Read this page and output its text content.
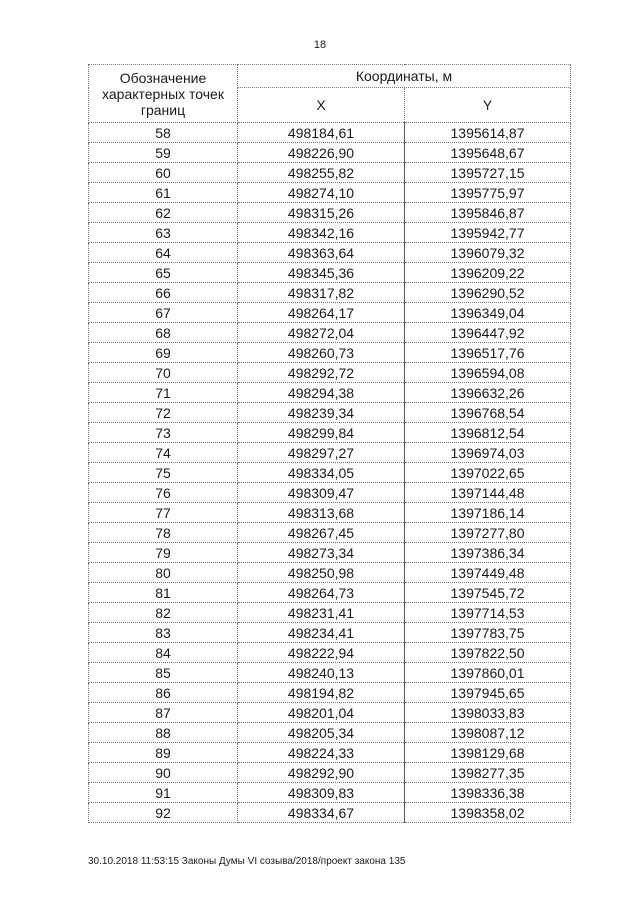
18
Обозначение характерных точек границ	Координаты, м	
	X	Y
58	498184,61	1395614,87
59	498226,90	1395648,67
60	498255,82	1395727,15
61	498274,10	1395775,97
62	498315,26	1395846,87
63	498342,16	1395942,77
64	498363,64	1396079,32
65	498345,36	1396209,22
66	498317,82	1396290,52
67	498264,17	1396349,04
68	498272,04	1396447,92
69	498260,73	1396517,76
70	498292,72	1396594,08
71	498294,38	1396632,26
72	498239,34	1396768,54
73	498299,84	1396812,54
74	498297,27	1396974,03
75	498334,05	1397022,65
76	498309,47	1397144,48
77	498313,68	1397186,14
78	498267,45	1397277,80
79	498273,34	1397386,34
80	498250,98	1397449,48
81	498264,73	1397545,72
82	498231,41	1397714,53
83	498234,41	1397783,75
84	498222,94	1397822,50
85	498240,13	1397860,01
86	498194,82	1397945,65
87	498201,04	1398033,83
88	498205,34	1398087,12
89	498224,33	1398129,68
90	498292,90	1398277,35
91	498309,83	1398336,38
92	498334,67	1398358,02
30.10.2018 11:53:15 Законы Думы VI созыва/2018/проект закона 135
